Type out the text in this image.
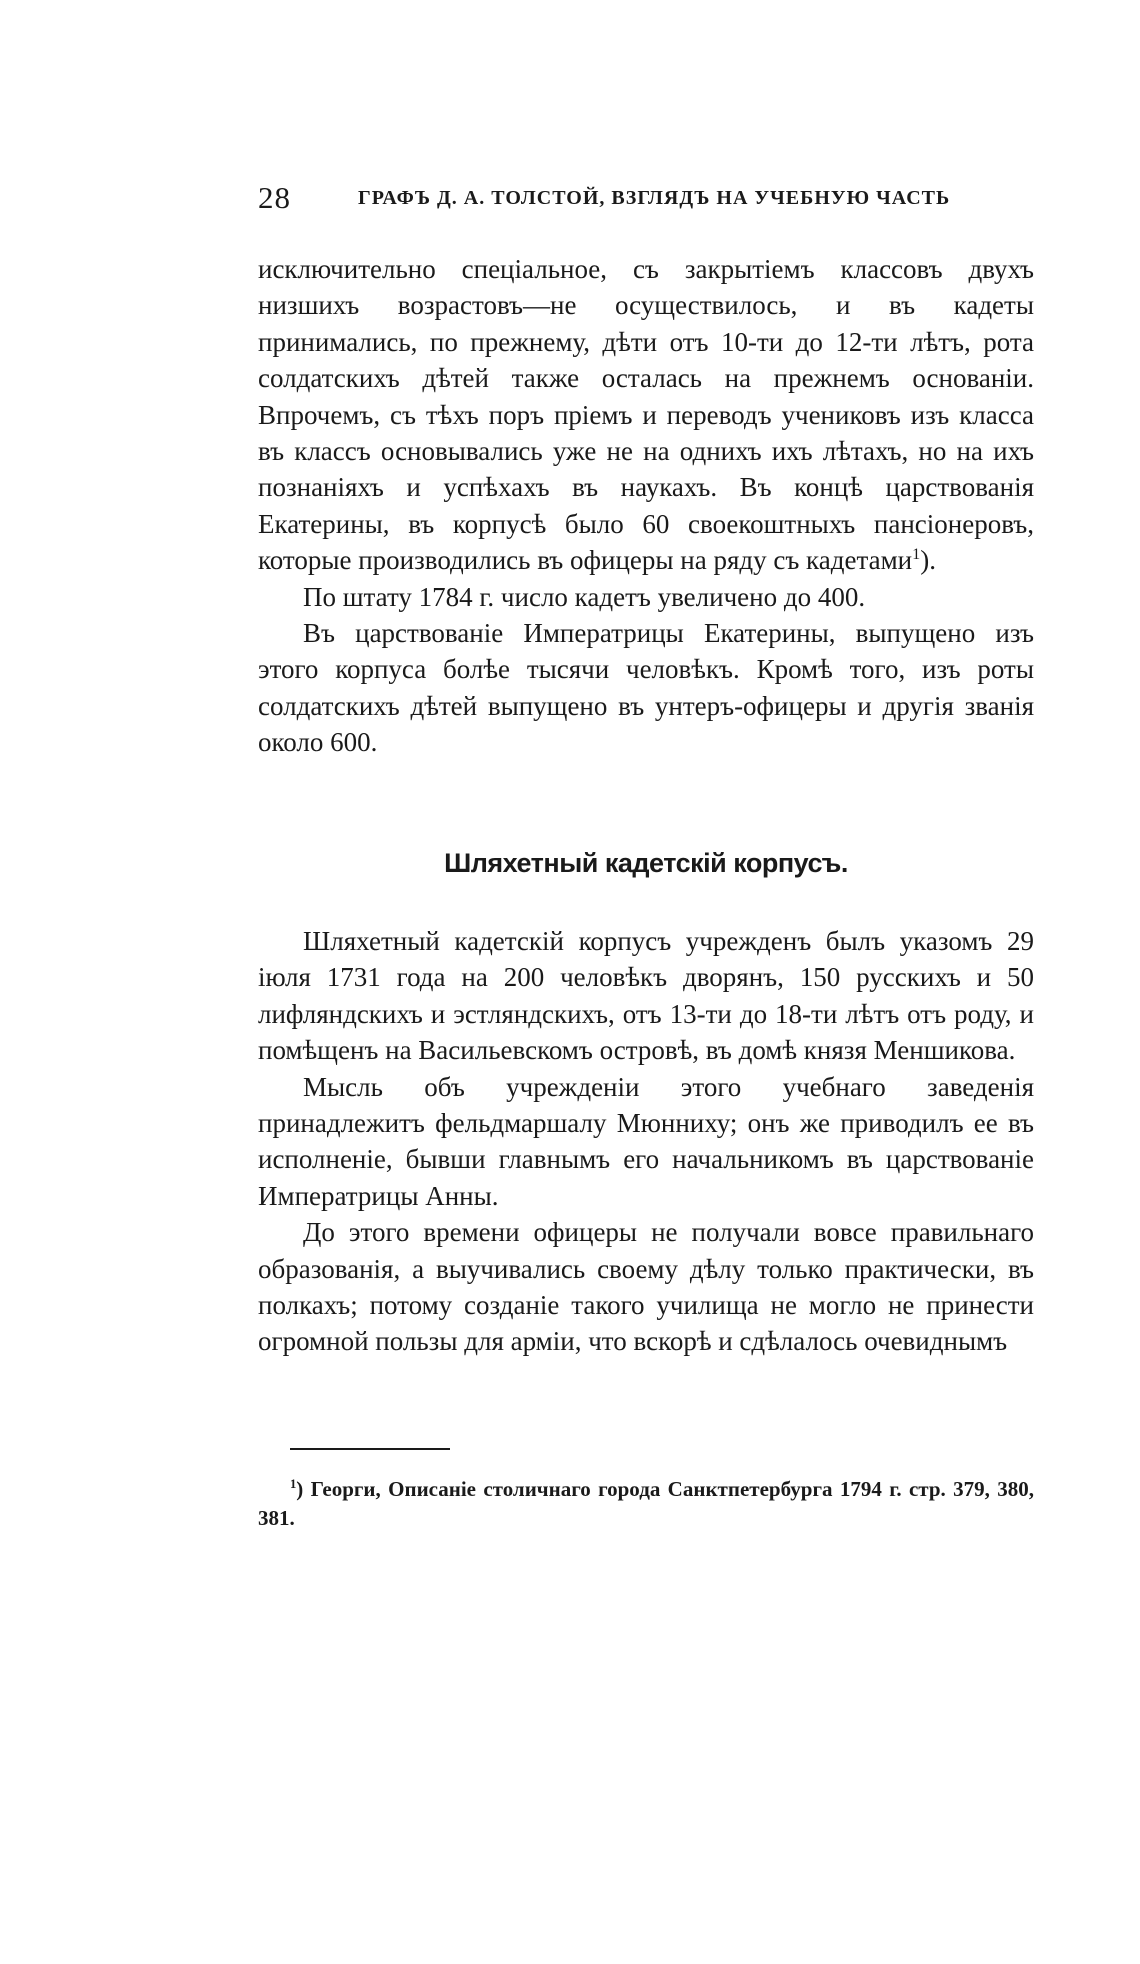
28	ГРАФЪ Д. А. ТОЛСТОЙ, ВЗГЛЯДЪ НА УЧЕБНУЮ ЧАСТЬ

исключительно спеціальное, съ закрытіемъ классовъ двухъ низшихъ возрастовъ—не осуществилось, и въ кадеты принимались, по прежнему, дѣти отъ 10-ти до 12-ти лѣтъ, рота солдатскихъ дѣтей также осталась на прежнемъ основаніи. Впрочемъ, съ тѣхъ поръ пріемъ и переводъ учениковъ изъ класса въ классъ основывались уже не на однихъ ихъ лѣтахъ, но на ихъ познаніяхъ и успѣхахъ въ наукахъ. Въ концѣ царствованія Екатерины, въ корпусѣ было 60 своекоштныхъ пансіонеровъ, которые производились въ офицеры на ряду съ кадетами$^1$).

По штату 1784 г. число кадетъ увеличено до 400.

Въ царствованіе Императрицы Екатерины, выпущено изъ этого корпуса болѣе тысячи человѣкъ. Кромѣ того, изъ роты солдатскихъ дѣтей выпущено въ унтеръ-офицеры и другія званія около 600.

Шляхетный кадетскій корпусъ.

Шляхетный кадетскій корпусъ учрежденъ былъ указомъ 29 іюля 1731 года на 200 человѣкъ дворянъ, 150 русскихъ и 50 лифляндскихъ и эстляндскихъ, отъ 13-ти до 18-ти лѣтъ отъ роду, и помѣщенъ на Васильевскомъ островѣ, въ домѣ князя Меншикова.

Мысль объ учрежденіи этого учебнаго заведенія принадлежитъ фельдмаршалу Мюнниху; онъ же приводилъ ее въ исполненіе, бывши главнымъ его начальникомъ въ царствованіе Императрицы Анны.

До этого времени офицеры не получали вовсе правильнаго образованія, а выучивались своему дѣлу только практически, въ полкахъ; потому созданіе такого училища не могло не принести огромной пользы для арміи, что вскорѣ и сдѣлалось очевиднымъ

$^1$) Георги, Описаніе столичнаго города Санктпетербурга 1794 г. стр. 379, 380, 381.
